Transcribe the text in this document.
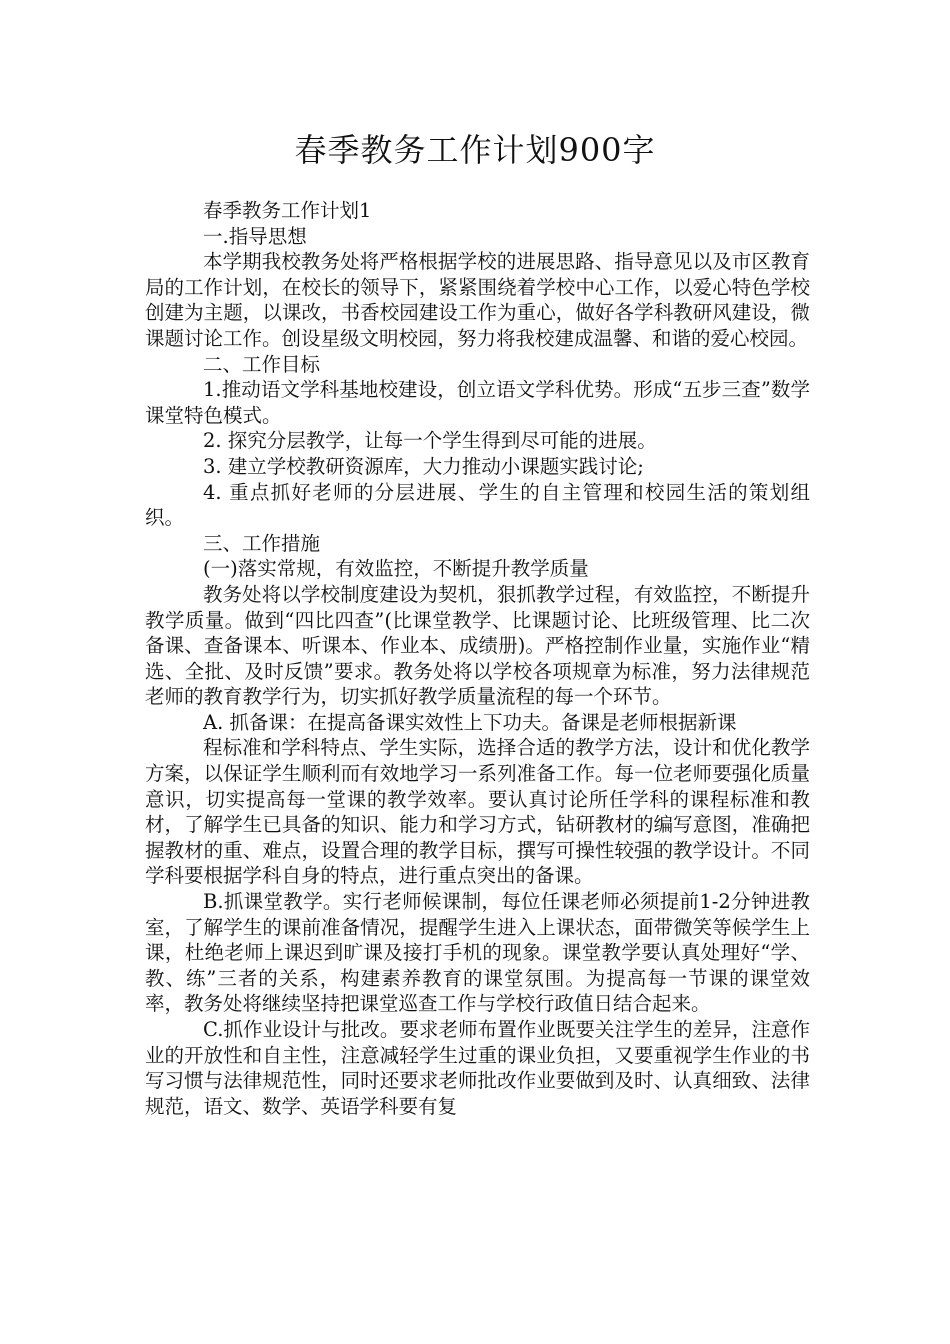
春季教务工作计划900字

春季教务工作计划1

一.指导思想

本学期我校教务处将严格根据学校的进展思路、指导意见以及市区教育局的工作计划，在校长的领导下，紧紧围绕着学校中心工作，以爱心特色学校创建为主题，以课改，书香校园建设工作为重心，做好各学科教研风建设，微课题讨论工作。创设星级文明校园，努力将我校建成温馨、和谐的爱心校园。

二、工作目标

1.推动语文学科基地校建设，创立语文学科优势。形成“五步三查”数学课堂特色模式。

2. 探究分层教学，让每一个学生得到尽可能的进展。

3. 建立学校教研资源库，大力推动小课题实践讨论;

4. 重点抓好老师的分层进展、学生的自主管理和校园生活的策划组织。

三、工作措施

(一)落实常规，有效监控，不断提升教学质量

教务处将以学校制度建设为契机，狠抓教学过程，有效监控，不断提升教学质量。做到“四比四查”(比课堂教学、比课题讨论、比班级管理、比二次备课、查备课本、听课本、作业本、成绩册)。严格控制作业量，实施作业“精选、全批、及时反馈”要求。教务处将以学校各项规章为标准，努力法律规范老师的教育教学行为，切实抓好教学质量流程的每一个环节。

A. 抓备课：在提高备课实效性上下功夫。备课是老师根据新课

程标准和学科特点、学生实际，选择合适的教学方法，设计和优化教学方案，以保证学生顺利而有效地学习一系列准备工作。每一位老师要强化质量意识，切实提高每一堂课的教学效率。要认真讨论所任学科的课程标准和教材，了解学生已具备的知识、能力和学习方式，钻研教材的编写意图，准确把握教材的重、难点，设置合理的教学目标，撰写可操性较强的教学设计。不同学科要根据学科自身的特点，进行重点突出的备课。

B.抓课堂教学。实行老师候课制，每位任课老师必须提前1-2分钟进教室，了解学生的课前准备情况，提醒学生进入上课状态，面带微笑等候学生上课，杜绝老师上课迟到旷课及接打手机的现象。课堂教学要认真处理好“学、教、练”三者的关系，构建素养教育的课堂氛围。为提高每一节课的课堂效率，教务处将继续坚持把课堂巡查工作与学校行政值日结合起来。

C.抓作业设计与批改。要求老师布置作业既要关注学生的差异，注意作业的开放性和自主性，注意减轻学生过重的课业负担，又要重视学生作业的书写习惯与法律规范性，同时还要求老师批改作业要做到及时、认真细致、法律规范，语文、数学、英语学科要有复
